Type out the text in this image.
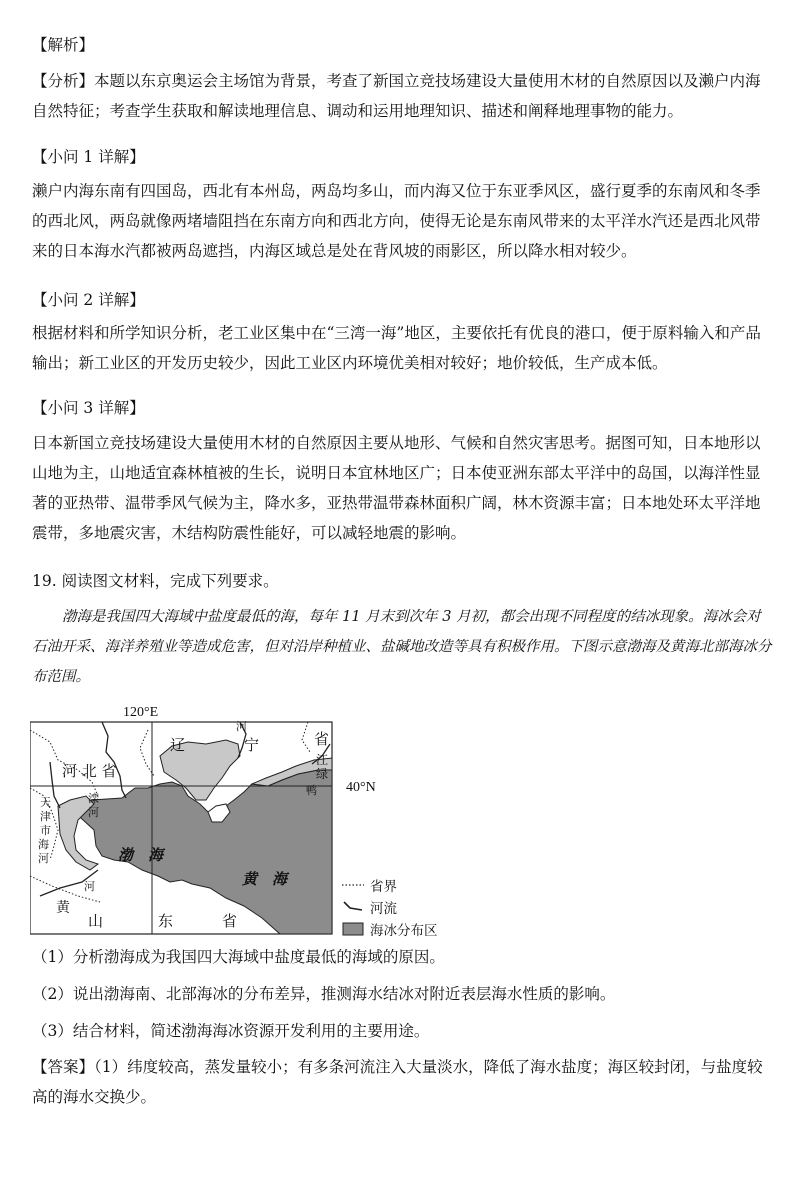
【解析】

【分析】本题以东京奥运会主场馆为背景，考查了新国立竞技场建设大量使用木材的自然原因以及濑户内海自然特征；考查学生获取和解读地理信息、调动和运用地理知识、描述和阐释地理事物的能力。

【小问 1 详解】

濑户内海东南有四国岛，西北有本州岛，两岛均多山，而内海又位于东亚季风区，盛行夏季的东南风和冬季的西北风，两岛就像两堵墙阻挡在东南方向和西北方向，使得无论是东南风带来的太平洋水汽还是西北风带来的日本海水汽都被两岛遮挡，内海区域总是处在背风坡的雨影区，所以降水相对较少。

【小问 2 详解】

根据材料和所学知识分析，老工业区集中在“三湾一海”地区，主要依托有优良的港口，便于原料输入和产品输出；新工业区的开发历史较少，因此工业区内环境优美相对较好；地价较低，生产成本低。

【小问 3 详解】

日本新国立竞技场建设大量使用木材的自然原因主要从地形、气候和自然灾害思考。据图可知，日本地形以山地为主，山地适宜森林植被的生长，说明日本宜林地区广；日本使亚洲东部太平洋中的岛国，以海洋性显著的亚热带、温带季风气候为主，降水多，亚热带温带森林面积广阔，林木资源丰富；日本地处环太平洋地震带，多地震灾害，木结构防震性能好，可以减轻地震的影响。

19. 阅读图文材料，完成下列要求。

渤海是我国四大海域中盐度最低的海，每年 11 月末到次年 3 月初，都会出现不同程度的结冰现象。海冰会对石油开采、海洋养殖业等造成危害，但对沿岸种植业、盐碱地改造等具有积极作用。下图示意渤海及黄海北部海冰分布范围。

120°E
40°N
辽	宁	省
河
江
绿
鸭
河 北 省
滦
河
天
津
市
海
河	渤 海
黄 海
黄
河
山	东	省
省界
河流
海冰分布区

（1）分析渤海成为我国四大海域中盐度最低的海域的原因。

（2）说出渤海南、北部海冰的分布差异，推测海水结冰对附近表层海水性质的影响。

（3）结合材料，简述渤海海冰资源开发利用的主要用途。

【答案】（1）纬度较高，蒸发量较小；有多条河流注入大量淡水，降低了海水盐度；海区较封闭，与盐度较高的海水交换少。
